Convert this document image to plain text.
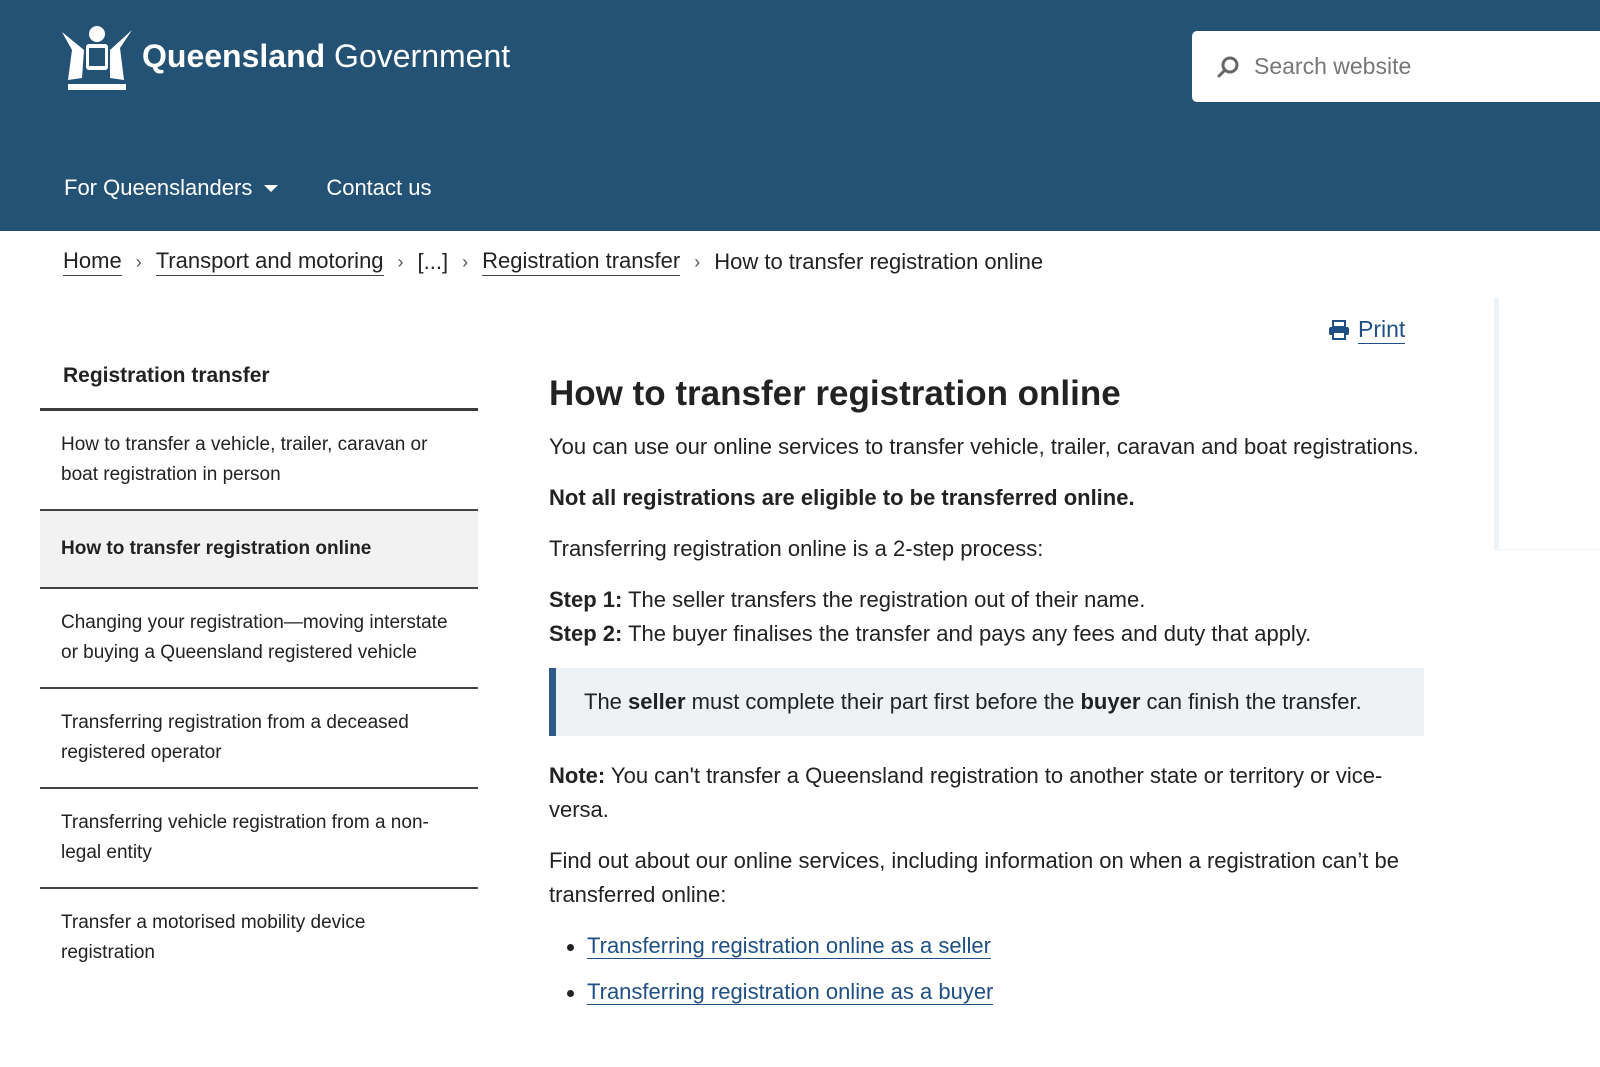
Queensland Government	Search website
For Queenslanders	Contact us
Home › Transport and motoring › [...] › Registration transfer › How to transfer registration online
Registration transfer
How to transfer a vehicle, trailer, caravan or boat registration in person
How to transfer registration online
Changing your registration—moving interstate or buying a Queensland registered vehicle
Transferring registration from a deceased registered operator
Transferring vehicle registration from a non-legal entity
Transfer a motorised mobility device registration
Print
How to transfer registration online

You can use our online services to transfer vehicle, trailer, caravan and boat registrations.

Not all registrations are eligible to be transferred online.

Transferring registration online is a 2-step process:

Step 1: The seller transfers the registration out of their name.
Step 2: The buyer finalises the transfer and pays any fees and duty that apply.

The seller must complete their part first before the buyer can finish the transfer.

Note: You can't transfer a Queensland registration to another state or territory or vice-versa.

Find out about our online services, including information on when a registration can’t be transferred online:

Transferring registration online as a seller
Transferring registration online as a buyer
